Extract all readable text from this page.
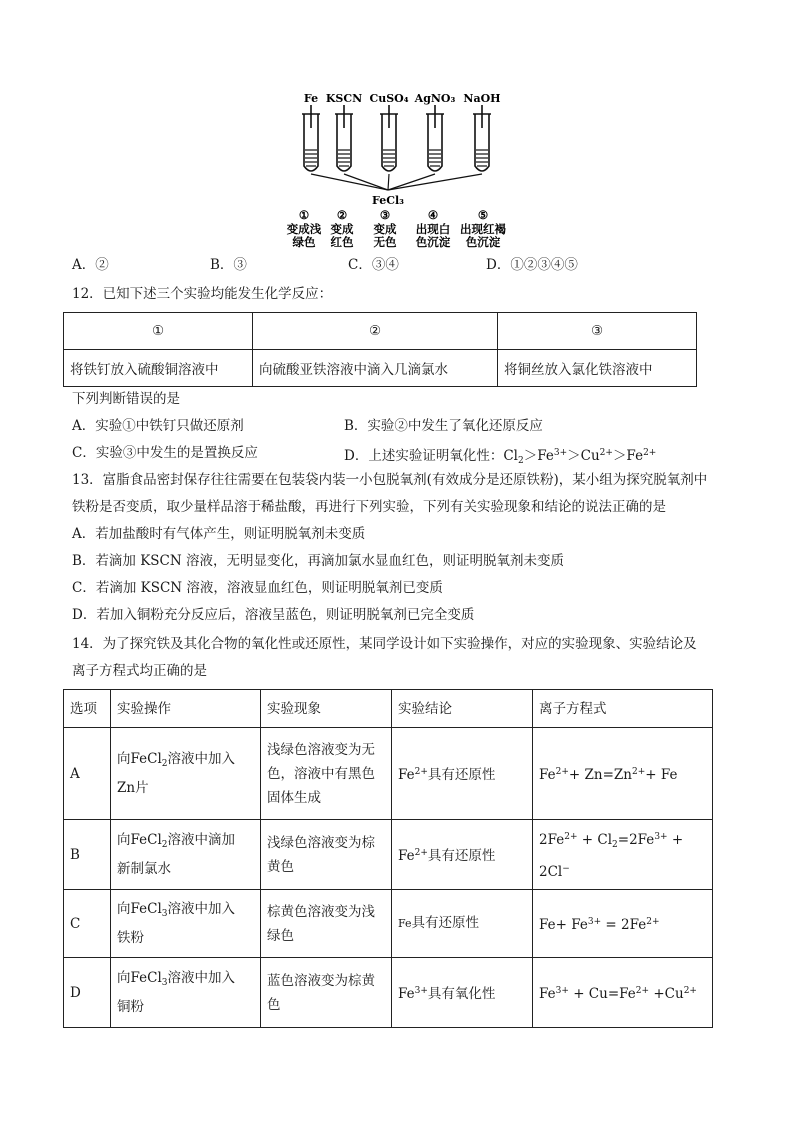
Fe KSCN CuSO₄ AgNO₃ NaOH
FeCl₃
① ②	③	④	⑤
变成浅 变成 变成 出现白 出现红褐
绿色 红色 无色 色沉淀 色沉淀
A．②	B．③	C．③④	D．①②③④⑤
12．已知下述三个实验均能发生化学反应：
①	②	③
将铁钉放入硫酸铜溶液中	向硫酸亚铁溶液中滴入几滴氯水	将铜丝放入氯化铁溶液中
下列判断错误的是
A．实验①中铁钉只做还原剂	B．实验②中发生了氧化还原反应
C．实验③中发生的是置换反应	D．上述实验证明氧化性：$Cl_2>Fe^{3+}>Cu^{2+}>Fe^{2+}$
13．富脂食品密封保存往往需要在包装袋内装一小包脱氧剂(有效成分是还原铁粉)，某小组为探究脱氧剂中
铁粉是否变质，取少量样品溶于稀盐酸，再进行下列实验，下列有关实验现象和结论的说法正确的是
A．若加盐酸时有气体产生，则证明脱氧剂未变质
B．若滴加 KSCN 溶液，无明显变化，再滴加氯水显血红色，则证明脱氧剂未变质
C．若滴加 KSCN 溶液，溶液显血红色，则证明脱氧剂已变质
D．若加入铜粉充分反应后，溶液呈蓝色，则证明脱氧剂已完全变质
14．为了探究铁及其化合物的氧化性或还原性，某同学设计如下实验操作，对应的实验现象、实验结论及
离子方程式均正确的是
选项	实验操作	实验现象	实验结论	离子方程式
A	向FeCl$_2$溶液中加入
Zn片	浅绿色溶液变为无
色，溶液中有黑色
固体生成	$Fe^{2+}$具有还原性	$Fe^{2+}+ Zn=Zn^{2+}+ Fe$
B	向FeCl$_2$溶液中滴加
新制氯水	浅绿色溶液变为棕
黄色	$Fe^{2+}$具有还原性	$2Fe^{2+} + Cl_2=2Fe^{3+} + 2Cl^-$
C	向FeCl$_3$溶液中加入
铁粉	棕黄色溶液变为浅
绿色	Fe具有还原性	$Fe+ Fe^{3+} = 2Fe^{2+}$
D	向FeCl$_3$溶液中加入
铜粉	蓝色溶液变为棕黄
色	$Fe^{3+}$具有氧化性	$Fe^{3+} + Cu=Fe^{2+} +Cu^{2+}$
